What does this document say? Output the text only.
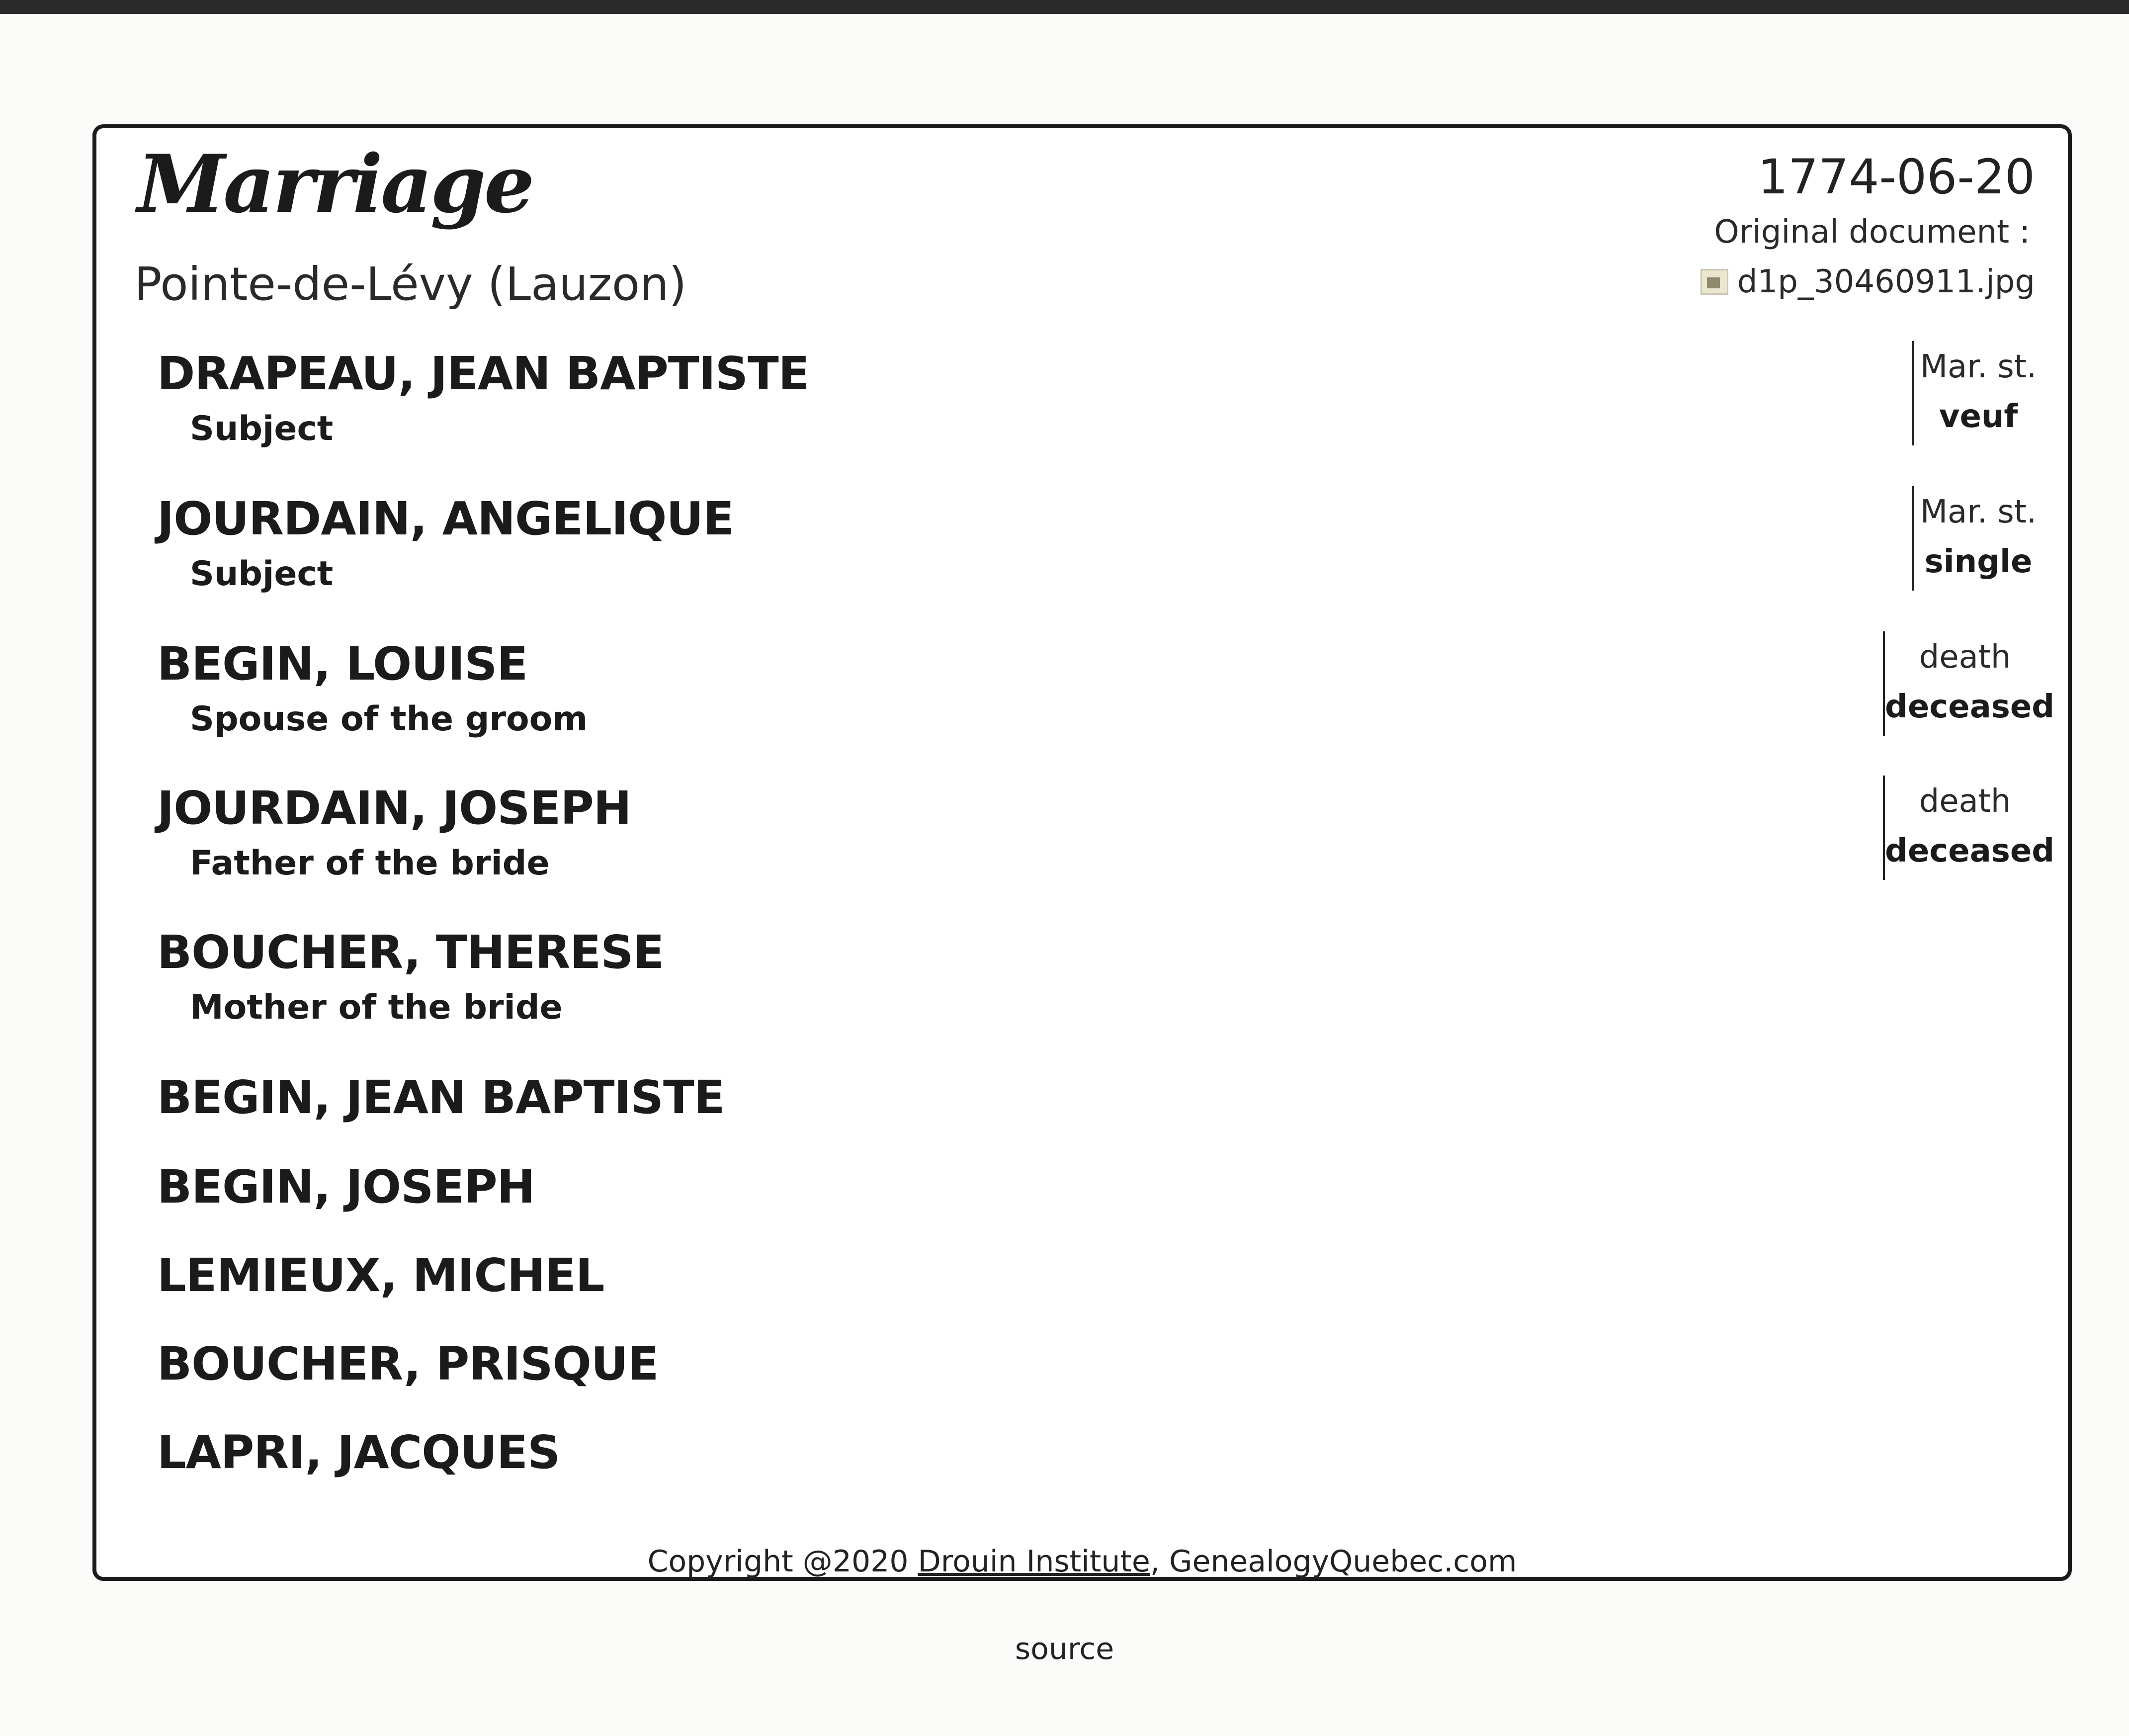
Marriage
Pointe-de-Lévy (Lauzon)
1774-06-20
Original document :
d1p_30460911.jpg
DRAPEAU, JEAN BAPTISTE
Subject
Mar. st.
veuf
JOURDAIN, ANGELIQUE
Subject
Mar. st.
single
BEGIN, LOUISE
Spouse of the groom
death
deceased
JOURDAIN, JOSEPH
Father of the bride
death
deceased
BOUCHER, THERESE
Mother of the bride
BEGIN, JEAN BAPTISTE
BEGIN, JOSEPH
LEMIEUX, MICHEL
BOUCHER, PRISQUE
LAPRI, JACQUES
Copyright @2020 Drouin Institute, GenealogyQuebec.com
source
